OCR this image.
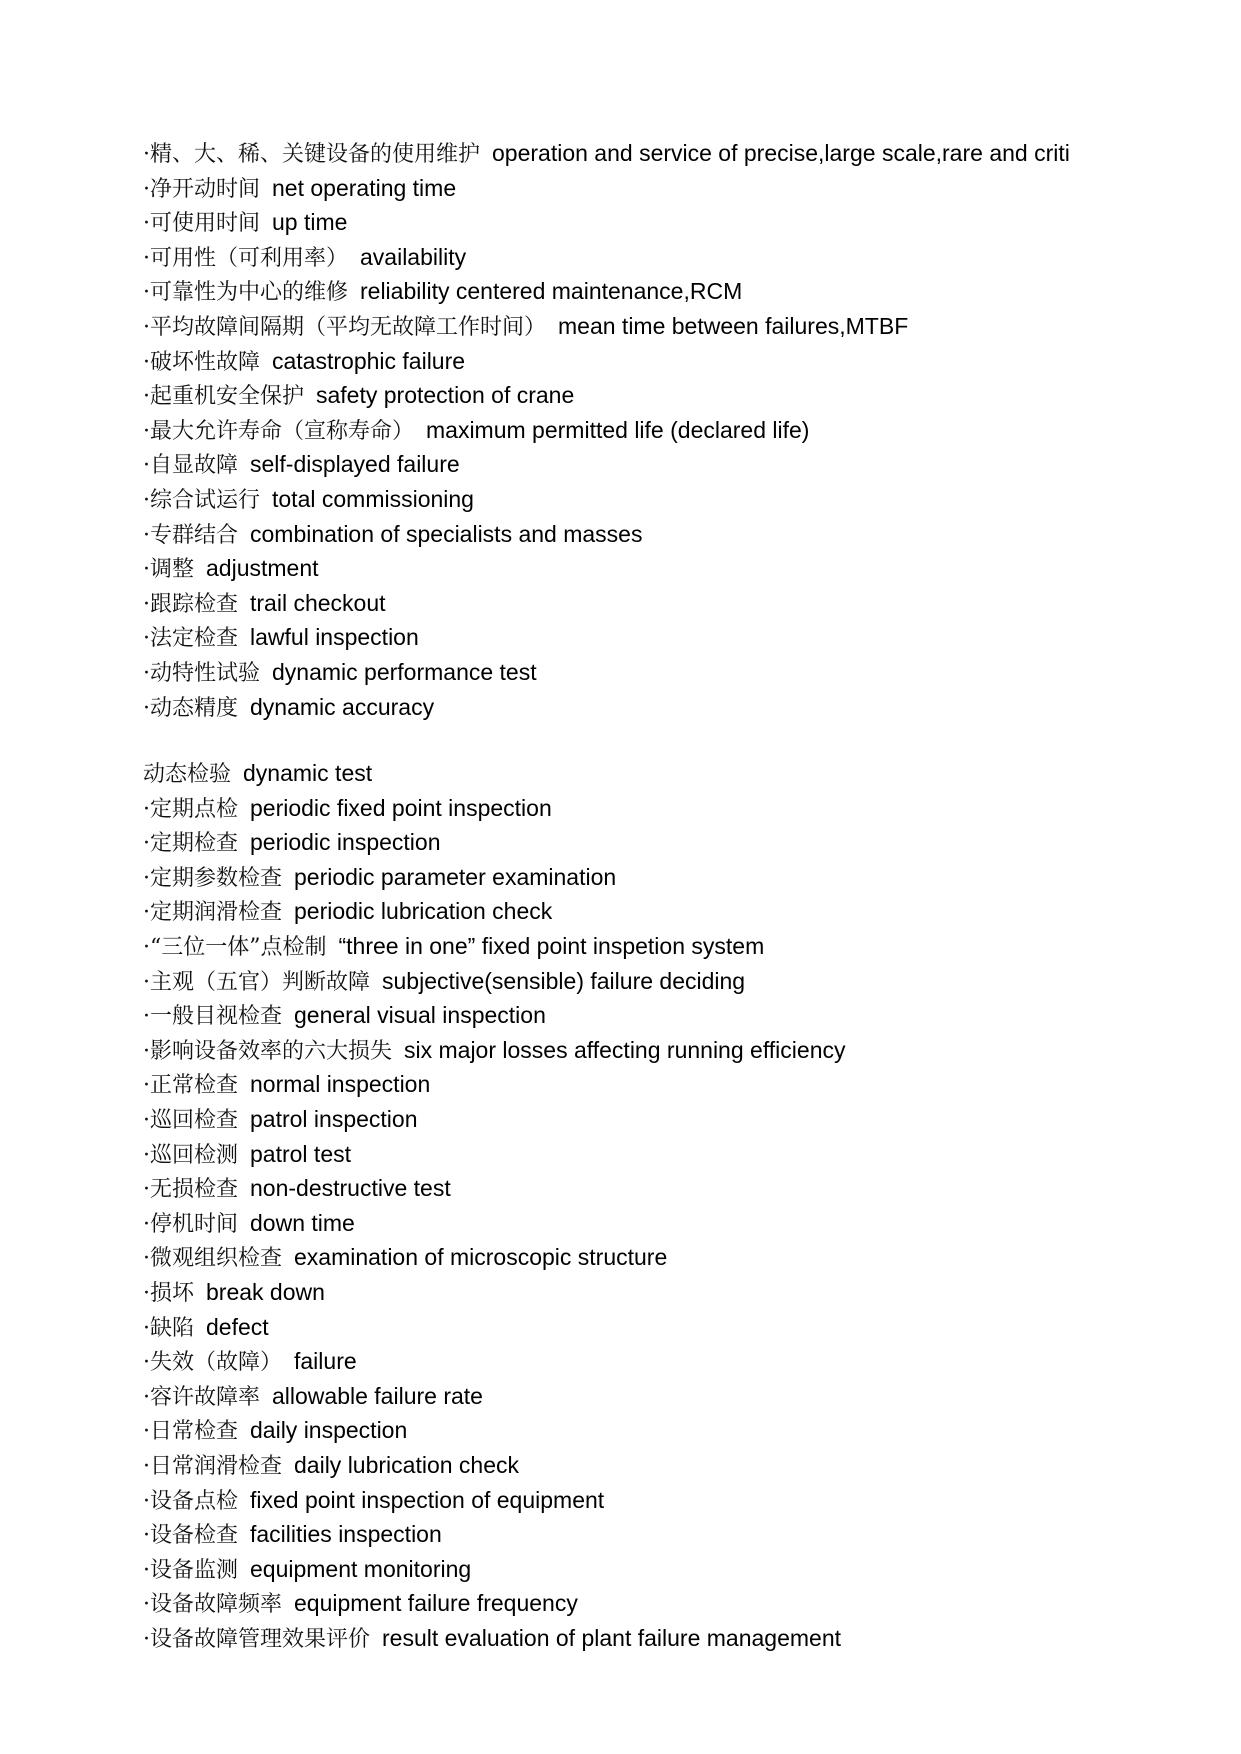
·精、大、稀、关键设备的使用维护 operation and service of precise,large scale,rare and criti
·净开动时间 net operating time
·可使用时间 up time
·可用性（可利用率） availability
·可靠性为中心的维修 reliability centered maintenance,RCM
·平均故障间隔期（平均无故障工作时间） mean time between failures,MTBF
·破坏性故障 catastrophic failure
·起重机安全保护 safety protection of crane
·最大允许寿命（宣称寿命） maximum permitted life (declared life)
·自显故障 self-displayed failure
·综合试运行 total commissioning
·专群结合 combination of specialists and masses
·调整 adjustment
·跟踪检查 trail checkout
·法定检查 lawful inspection
·动特性试验 dynamic performance test
·动态精度 dynamic accuracy
动态检验 dynamic test
·定期点检 periodic fixed point inspection
·定期检查 periodic inspection
·定期参数检查 periodic parameter examination
·定期润滑检查 periodic lubrication check
·“三位一体”点检制 “three in one” fixed point inspetion system
·主观（五官）判断故障 subjective(sensible) failure deciding
·一般目视检查 general visual inspection
·影响设备效率的六大损失 six major losses affecting running efficiency
·正常检查 normal inspection
·巡回检查 patrol inspection
·巡回检测 patrol test
·无损检查 non-destructive test
·停机时间 down time
·微观组织检查 examination of microscopic structure
·损坏 break down
·缺陷 defect
·失效（故障） failure
·容许故障率 allowable failure rate
·日常检查 daily inspection
·日常润滑检查 daily lubrication check
·设备点检 fixed point inspection of equipment
·设备检查 facilities inspection
·设备监测 equipment monitoring
·设备故障频率 equipment failure frequency
·设备故障管理效果评价 result evaluation of plant failure management
